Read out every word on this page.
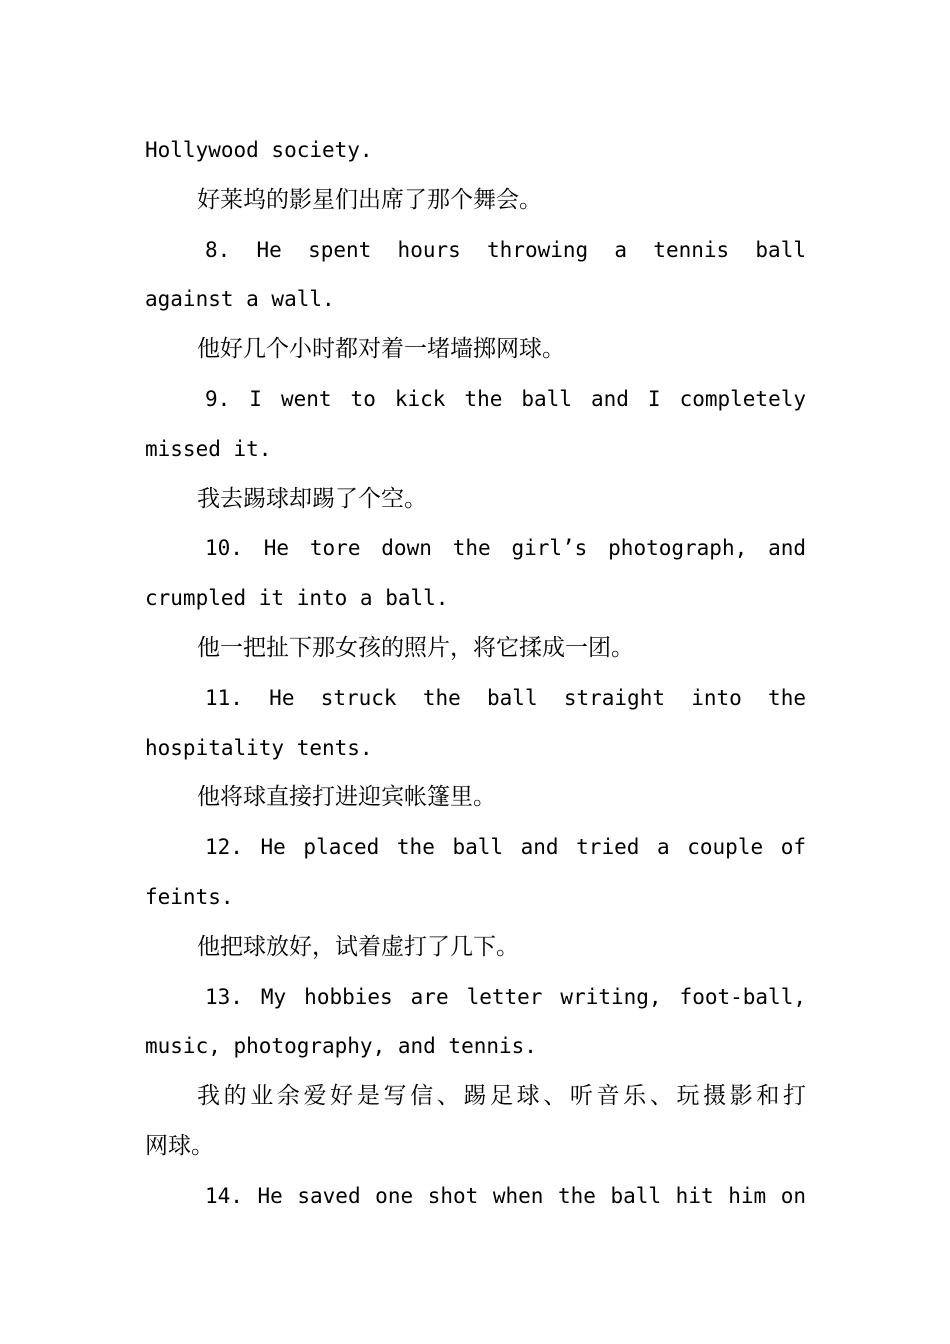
Hollywood society.
好莱坞的影星们出席了那个舞会。
8. He spent hours throwing a tennis ball
against a wall.
他好几个小时都对着一堵墙掷网球。
9. I went to kick the ball and I completely
missed it.
我去踢球却踢了个空。
10. He tore down the girl’s photograph, and
crumpled it into a ball.
他一把扯下那女孩的照片，将它揉成一团。
11. He struck the ball straight into the
hospitality tents.
他将球直接打进迎宾帐篷里。
12. He placed the ball and tried a couple of
feints.
他把球放好，试着虚打了几下。
13. My hobbies are letter writing, foot-ball,
music, photography, and tennis.
我的业余爱好是写信、踢足球、听音乐、玩摄影和打
网球。
14. He saved one shot when the ball hit him on
